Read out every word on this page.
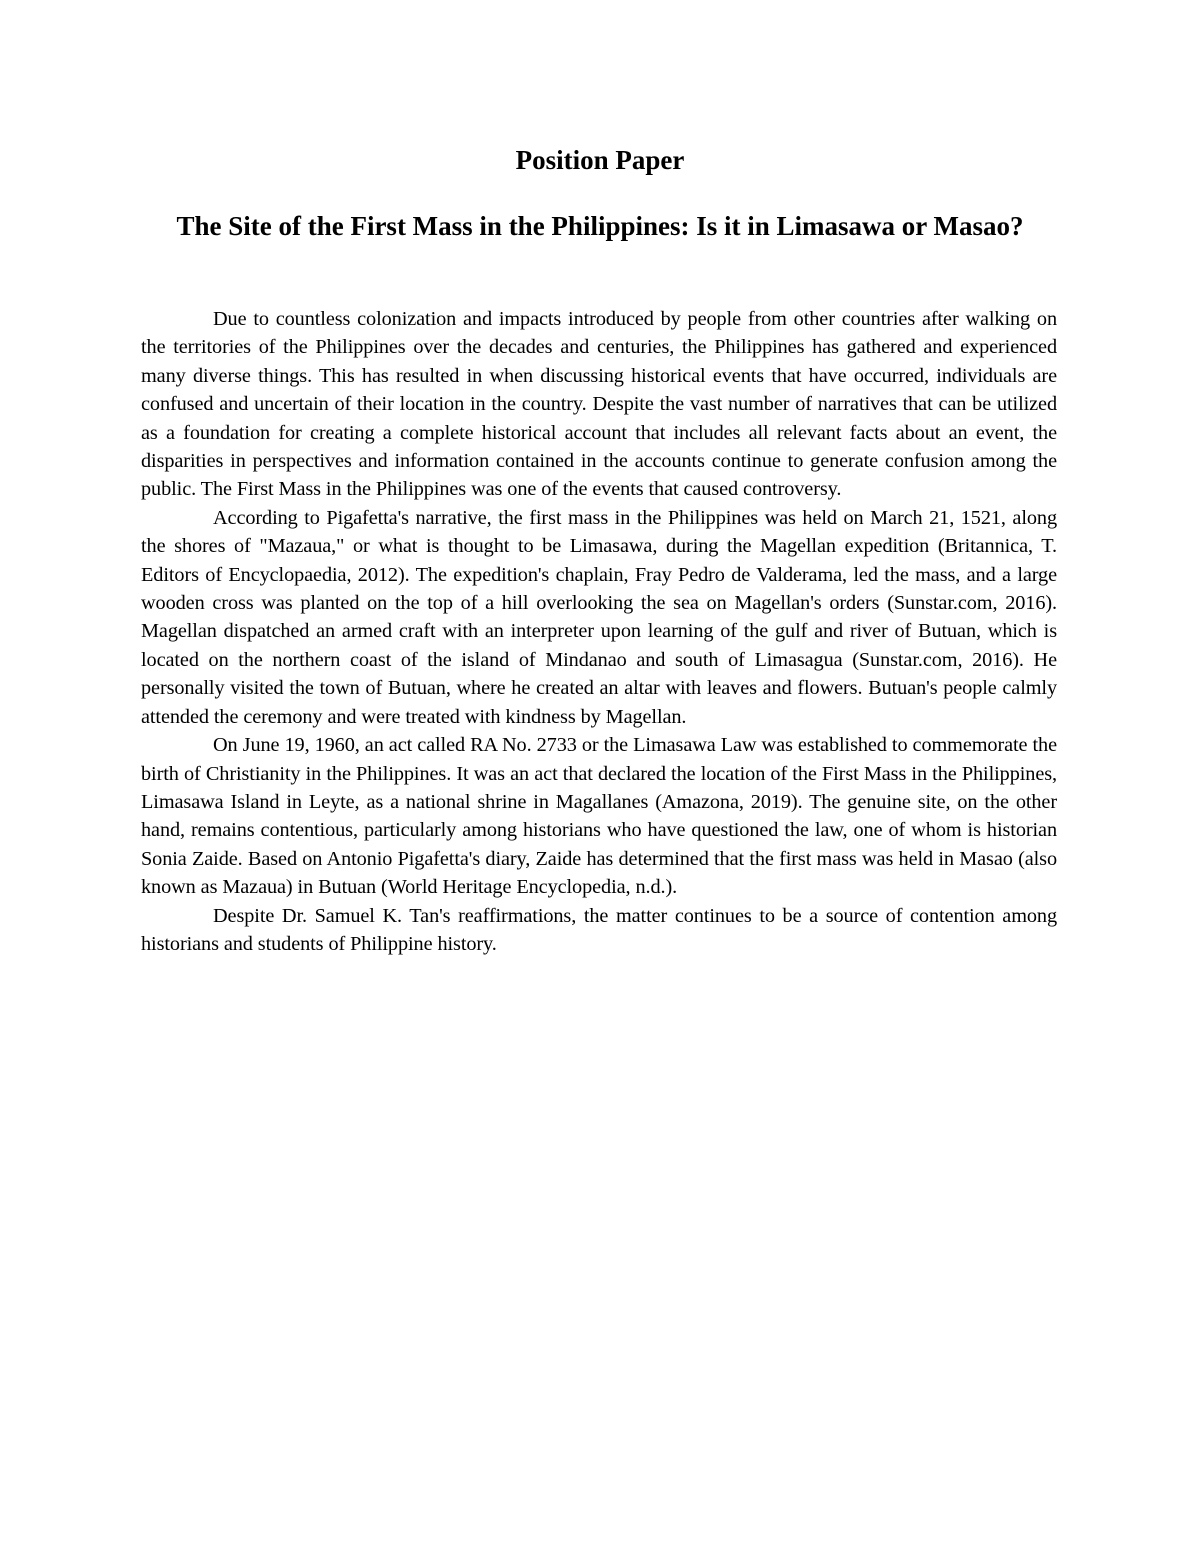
Position Paper
The Site of the First Mass in the Philippines: Is it in Limasawa or Masao?

Due to countless colonization and impacts introduced by people from other countries after walking on the territories of the Philippines over the decades and centuries, the Philippines has gathered and experienced many diverse things. This has resulted in when discussing historical events that have occurred, individuals are confused and uncertain of their location in the country. Despite the vast number of narratives that can be utilized as a foundation for creating a complete historical account that includes all relevant facts about an event, the disparities in perspectives and information contained in the accounts continue to generate confusion among the public. The First Mass in the Philippines was one of the events that caused controversy.

According to Pigafetta's narrative, the first mass in the Philippines was held on March 21, 1521, along the shores of "Mazaua," or what is thought to be Limasawa, during the Magellan expedition (Britannica, T. Editors of Encyclopaedia, 2012). The expedition's chaplain, Fray Pedro de Valderama, led the mass, and a large wooden cross was planted on the top of a hill overlooking the sea on Magellan's orders (Sunstar.com, 2016). Magellan dispatched an armed craft with an interpreter upon learning of the gulf and river of Butuan, which is located on the northern coast of the island of Mindanao and south of Limasagua (Sunstar.com, 2016). He personally visited the town of Butuan, where he created an altar with leaves and flowers. Butuan's people calmly attended the ceremony and were treated with kindness by Magellan.

On June 19, 1960, an act called RA No. 2733 or the Limasawa Law was established to commemorate the birth of Christianity in the Philippines. It was an act that declared the location of the First Mass in the Philippines, Limasawa Island in Leyte, as a national shrine in Magallanes (Amazona, 2019). The genuine site, on the other hand, remains contentious, particularly among historians who have questioned the law, one of whom is historian Sonia Zaide. Based on Antonio Pigafetta's diary, Zaide has determined that the first mass was held in Masao (also known as Mazaua) in Butuan (World Heritage Encyclopedia, n.d.).

Despite Dr. Samuel K. Tan's reaffirmations, the matter continues to be a source of contention among historians and students of Philippine history.
